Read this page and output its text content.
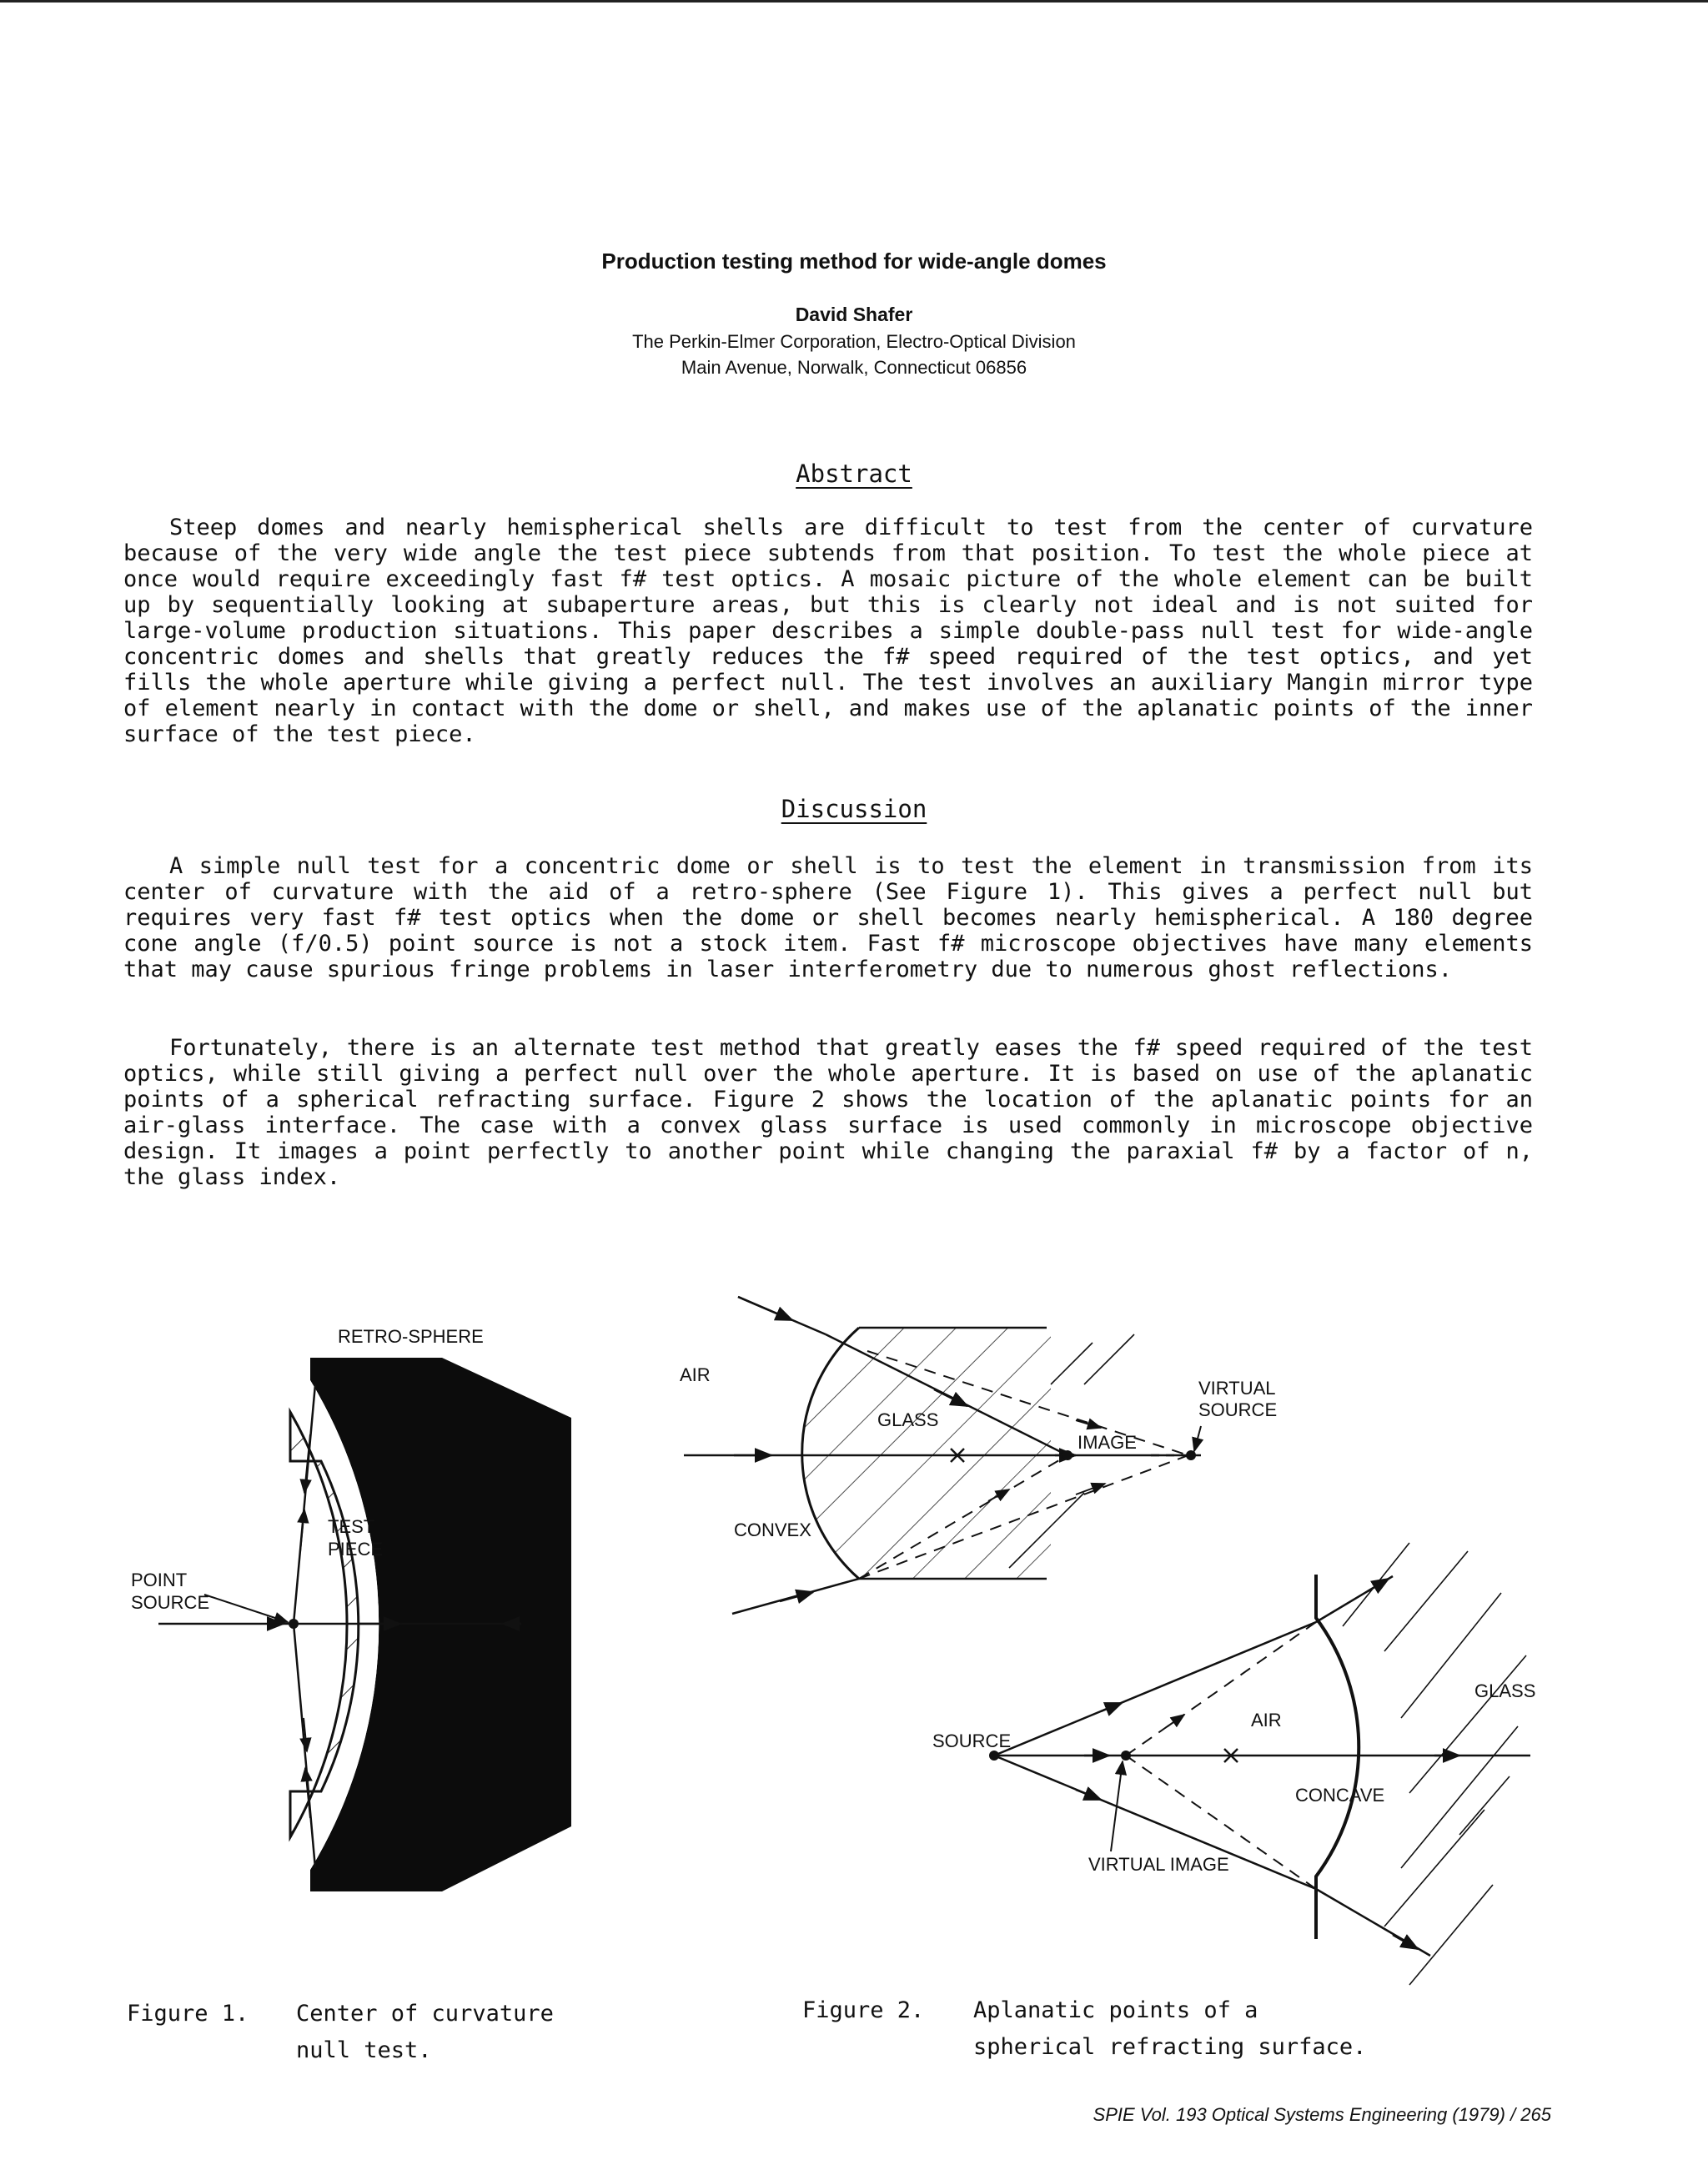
Production testing method for wide-angle domes
David Shafer
The Perkin-Elmer Corporation, Electro-Optical Division
Main Avenue, Norwalk, Connecticut 06856
Abstract

Steep domes and nearly hemispherical shells are difficult to test from the center of curvature because of the very wide angle the test piece subtends from that position. To test the whole piece at once would require exceedingly fast f# test optics. A mosaic picture of the whole element can be built up by sequentially looking at subaperture areas, but this is clearly not ideal and is not suited for large-volume production situations. This paper describes a simple double-pass null test for wide-angle concentric domes and shells that greatly reduces the f# speed required of the test optics, and yet fills the whole aperture while giving a perfect null. The test involves an auxiliary Mangin mirror type of element nearly in contact with the dome or shell, and makes use of the aplanatic points of the inner surface of the test piece.

Discussion

A simple null test for a concentric dome or shell is to test the element in transmission from its center of curvature with the aid of a retro-sphere (See Figure 1). This gives a perfect null but requires very fast f# test optics when the dome or shell becomes nearly hemispherical. A 180 degree cone angle (f/0.5) point source is not a stock item. Fast f# microscope objectives have many elements that may cause spurious fringe problems in laser interferometry due to numerous ghost reflections.

Fortunately, there is an alternate test method that greatly eases the f# speed required of the test optics, while still giving a perfect null over the whole aperture. It is based on use of the aplanatic points of a spherical refracting surface. Figure 2 shows the location of the aplanatic points for an air-glass interface. The case with a convex glass surface is used commonly in microscope objective design. It images a point perfectly to another point while changing the paraxial f# by a factor of n, the glass index.

RETRO-SPHERE
TEST
PIECE
POINT
SOURCE
AIR
GLASS
IMAGE
VIRTUAL
SOURCE
CONVEX
GLASS
AIR
SOURCE
CONCAVE
VIRTUAL IMAGE
Figure 1. Center of curvature
null test.
Figure 2. Aplanatic points of a
spherical refracting surface.
SPIE Vol. 193 Optical Systems Engineering (1979) / 265
